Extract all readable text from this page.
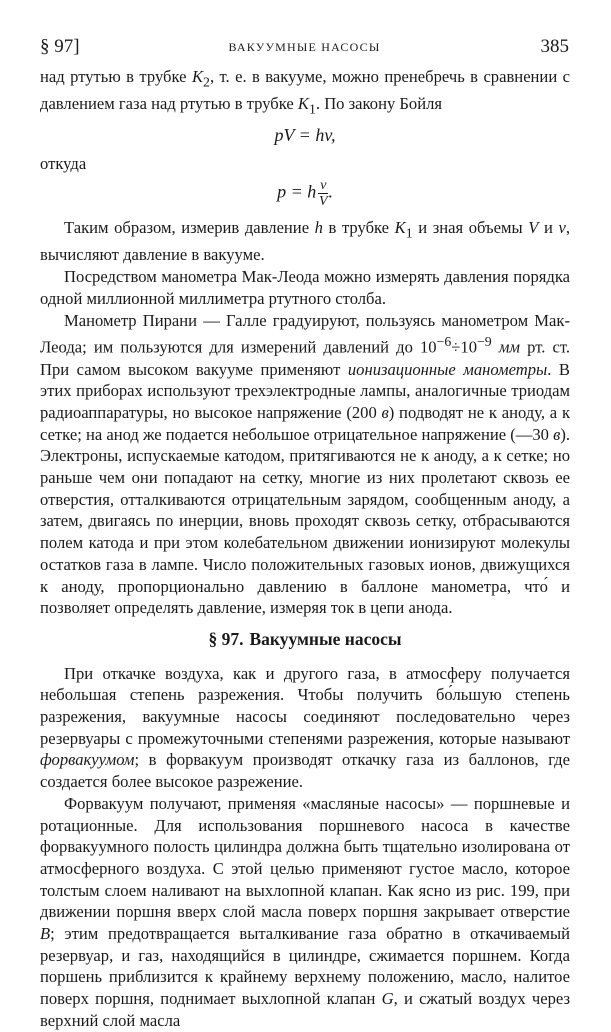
§ 97]	ВАКУУМНЫЕ НАСОСЫ	385

над ртутью в трубке $K_2$, т. е. в вакууме, можно пренебречь в сравнении с давлением газа над ртутью в трубке $K_1$. По закону Бойля

pV = hv,

откуда

p = h $\frac{v}{V}$ .

Таким образом, измерив давление h в трубке $K_1$ и зная объемы V и v, вычисляют давление в вакууме.

Посредством манометра Мак-Леода можно измерять давления порядка одной миллионной миллиметра ртутного столба.

Манометр Пирани — Галле градуируют, пользуясь манометром Мак-Леода; им пользуются для измерений давлений до $10^{-6}\div 10^{-9}$ мм рт. ст. При самом высоком вакууме применяют ионизационные манометры. В этих приборах используют трехэлектродные лампы, аналогичные триодам радиоаппаратуры, но высокое напряжение (200 в) подводят не к аноду, а к сетке; на анод же подается небольшое отрицательное напряжение (—30 в). Электроны, испускаемые катодом, притягиваются не к аноду, а к сетке; но раньше чем они попадают на сетку, многие из них пролетают сквозь ее отверстия, отталкиваются отрицательным зарядом, сообщенным аноду, а затем, двигаясь по инерции, вновь проходят сквозь сетку, отбрасываются полем катода и при этом колебательном движении ионизируют молекулы остатков газа в лампе. Число положительных газовых ионов, движущихся к аноду, пропорционально давлению в баллоне манометра, что́ и позволяет определять давление, измеряя ток в цепи анода.

§ 97. Вакуумные насосы

При откачке воздуха, как и другого газа, в атмосферу получается небольшая степень разрежения. Чтобы получить бо́льшую степень разрежения, вакуумные насосы соединяют последовательно через резервуары с промежуточными степенями разрежения, которые называют форвакуумом; в форвакуум производят откачку газа из баллонов, где создается более высокое разрежение.

Форвакуум получают, применяя «масляные насосы» — поршневые и ротационные. Для использования поршневого насоса в качестве форвакуумного полость цилиндра должна быть тщательно изолирована от атмосферного воздуха. С этой целью применяют густое масло, которое толстым слоем наливают на выхлопной клапан. Как ясно из рис. 199, при движении поршня вверх слой масла поверх поршня закрывает отверстие B; этим предотвращается выталкивание газа обратно в откачиваемый резервуар, и газ, находящийся в цилиндре, сжимается поршнем. Когда поршень приблизится к крайнему верхнему положению, масло, налитое поверх поршня, поднимает выхлопной клапан G, и сжатый воздух через верхний слой масла
